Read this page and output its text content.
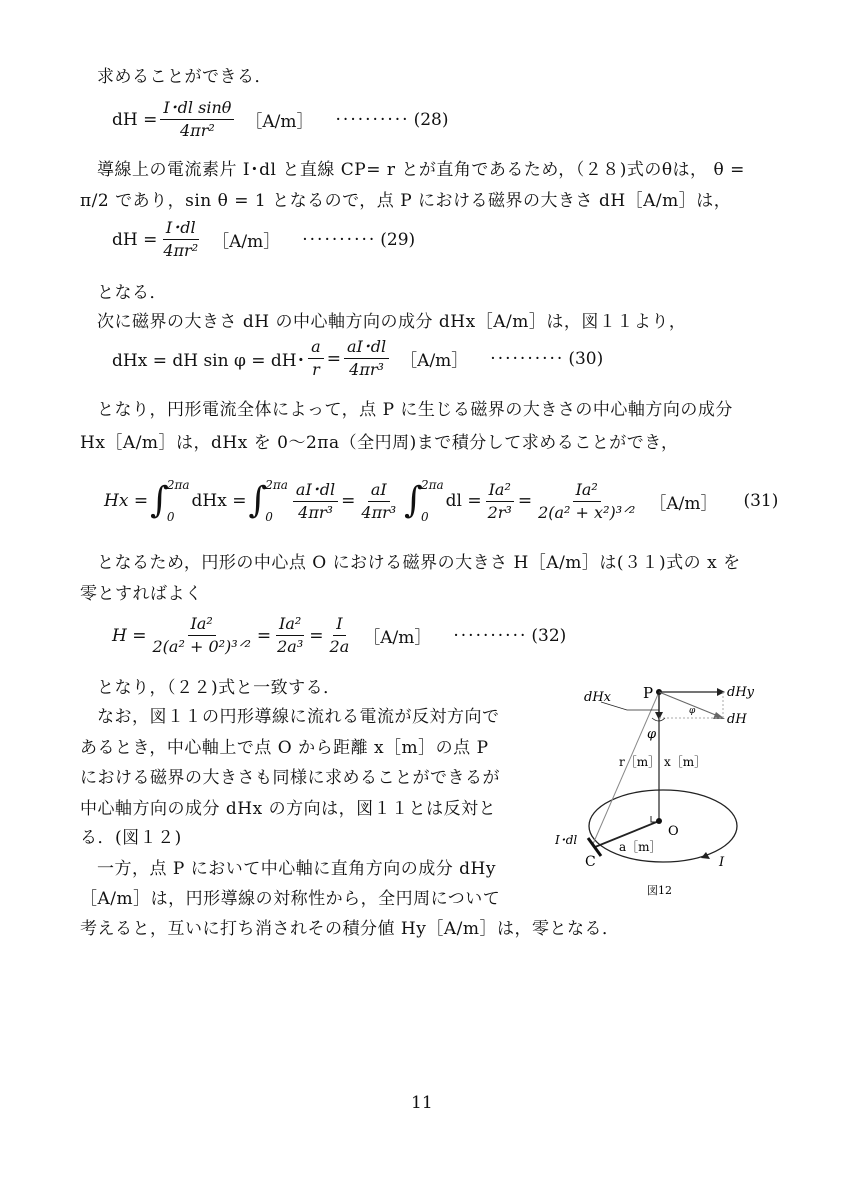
求めることができる．
dH = $\frac{\text{I･dl sinθ}}{\text{4πr²}}$ ［A/m］ ·········· (28)
導線上の電流素片 I･dl と直線 CP= r とが直角であるため，（２８)式のθは， θ =
π/2 であり，sin θ = 1 となるので，点 P における磁界の大きさ dH［A/m］は，
dH = $\frac{I･dl}{\text{4πr²}}$ ［A/m］ ·········· (29)
となる．
次に磁界の大きさ dH の中心軸方向の成分 dHx［A/m］は，図１１より，
dHx = dH sin φ = dH･ $\frac{a}{r} = \frac{aI･dl}{\text{4πr³}}$ ［A/m］ ·········· (30)
となり，円形電流全体によって，点 P に生じる磁界の大きさの中心軸方向の成分
Hx［A/m］は，dHx を 0〜2πa（全円周)まで積分して求めることができ，
Hx = ∫
2πa
0
dHx = ∫
2πa
0	$\frac{aI･dl}{\text{4πr³}} = \frac{aI}{\text{4πr³}}$ ∫
2πa
0
dl = $\frac{\text{Ia²}}{\text{2r³}} = \frac{\text{Ia²}}{\text{2(a² + x²)³ᐟ²}}$ ［A/m］ (31)
となるため，円形の中心点 O における磁界の大きさ H［A/m］は(３１)式の x を
零とすればよく
$H = \frac{\text{Ia²}}{\text{2(a² + 0²)³ᐟ²}} = \frac{\text{Ia²}}{\text{2a³}} = \frac{I}{2a}$ ［A/m］ ·········· (32)
となり，（２２)式と一致する．
なお，図１１の円形導線に流れる電流が反対方向で
あるとき，中心軸上で点 O から距離 x［m］の点 P
における磁界の大きさも同様に求めることができるが
中心軸方向の成分 dHx の方向は，図１１とは反対と
る．(図１２)
一方，点 P において中心軸に直角方向の成分 dHy
［A/m］は，円形導線の対称性から，全円周について
考えると，互いに打ち消されその積分値 Hy［A/m］は，零となる．
dHx P	dHy
dH
φ
φ
r［m］ x［m］
O
C
I･dl	a［m］
I
図12
11
